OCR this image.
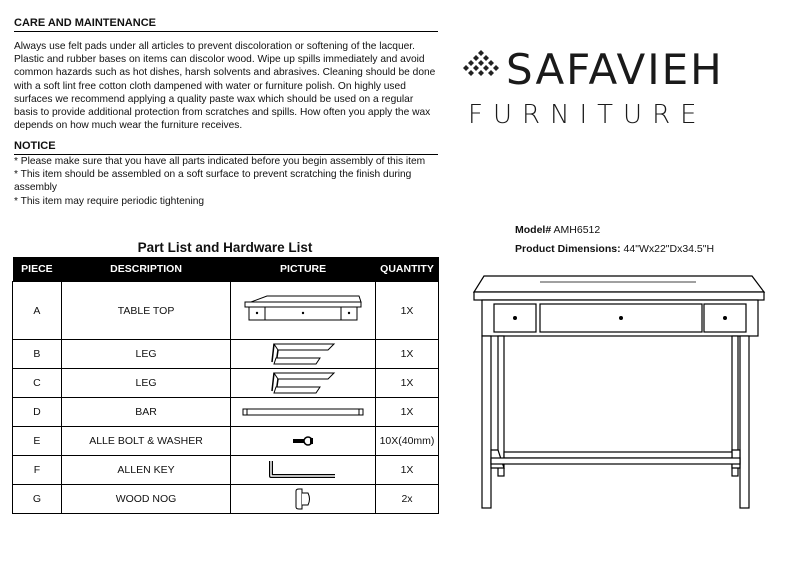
CARE AND MAINTENANCE
Always use felt pads under all articles to prevent discoloration or softening of the lacquer. Plastic and rubber bases on items can discolor wood. Wipe up spills immediately and avoid common hazards such as hot dishes, harsh solvents and abrasives. Cleaning should be done with a soft lint free cotton cloth dampened with water or furniture polish. On highly used surfaces we recommend applying a quality paste wax which should be used on a regular basis to provide additional protection from scratches and spills. How often you apply the wax depends on how much wear the furniture receives.
NOTICE
* Please make sure that you have all parts indicated before you begin assembly of this item
* This item should be assembled on a soft surface to prevent scratching the finish during assembly
* This item may require periodic tightening
Part List and Hardware List
PIECE	DESCRIPTION	PICTURE	QUANTITY
A	TABLE TOP		1X
B	LEG		1X
C	LEG		1X
D	BAR		1X
E	ALLE BOLT & WASHER		10X(40mm)
F	ALLEN KEY		1X
G	WOOD NOG		2x
SAFAVIEH
FURNITURE
Model# AMH6512
Product Dimensions: 44"Wx22"Dx34.5"H
